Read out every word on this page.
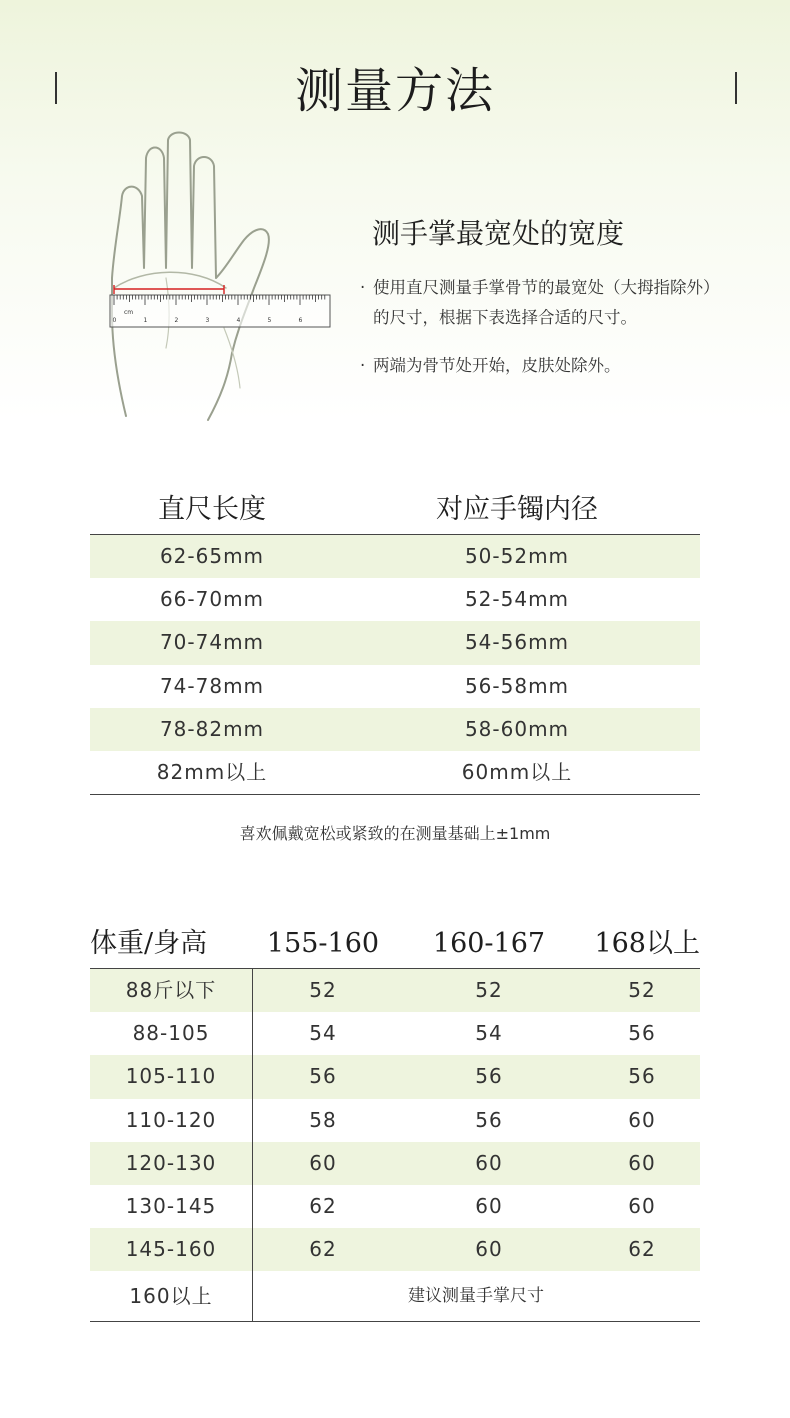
测量方法
cm
0	1	2	3	4	5	6
测手掌最宽处的宽度
· 使用直尺测量手掌骨节的最宽处（大拇指除外）
的尺寸，根据下表选择合适的尺寸。
· 两端为骨节处开始，皮肤处除外。
直尺长度	对应手镯内径
62-65mm	50-52mm
66-70mm	52-54mm
70-74mm	54-56mm
74-78mm	56-58mm
78-82mm	58-60mm
82mm以上	60mm以上
喜欢佩戴宽松或紧致的在测量基础上±1mm
体重/身高	155-160	160-167	168以上
88斤以下	52	52	52
88-105	54	54	56
105-110	56	56	56
110-120	58	56	60
120-130	60	60	60
130-145	62	60	60
145-160	62	60	62
160以上	建议测量手掌尺寸
